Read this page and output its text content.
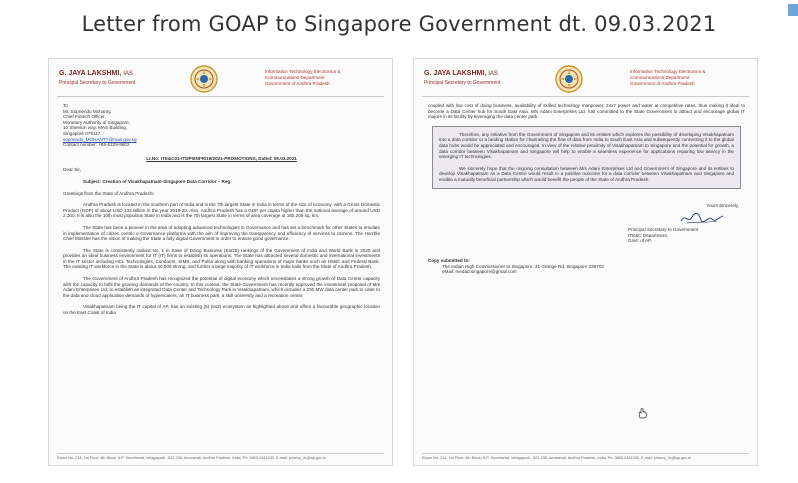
Letter from GOAP to Singapore Government dt. 09.03.2021
G. JAYA LAKSHMI, IAS
Principal Secretary to Government
Information Technology Electronics &
Communications Department
Government of Andhra Pradesh
To
Mr. Sopnendu Mohanty,
Chief Fintech Officer,
Monetary Authority of Singapore,
10 Shenton way, MAS Building,
Singapore 079117.
sopnendu_MOHANTY@mas.gov.sg
Contact number: +65-6229-9602
Lr.No: ITE&C01-ITDP0INFR/19/2021-PROMOTIONS, Dated: 09.03.2021
Dear Sir,
Subject: Creation of Visakhapatnam-Singapore Data Corridor – Reg.
Greetings from the State of Andhra Pradesh!

Andhra Pradesh is located in the southern part of India and is the 7th largest State in India in terms of the size of economy, with a Gross Domestic Product (GDP) of about USD 133 Billion in the year 2019-20. Also, Andhra Pradesh has a GDP per capita higher than the national average of around USD 2,300. It is also the 10th most populous State in India and is the 7th largest State in terms of area coverage at 160,205 sq. km.

The State has been a pioneer in the area of adopting advanced technologies in Governance and has set a benchmark for other States to emulate in implementation of citizen centric e-Governance platforms with the aim of improving the transparency and efficiency of services to citizens. The Hon'ble Chief Minister has the vision of making the State a fully digital Government in order to ensure good governance.

The State is consistently ranked No. 1 in Ease of Doing Business (EoDB) rankings of the Government of India and World Bank in 2020 and provides an ideal business environment for IT (IT) firms to establish its operations. The State has attracted several domestic and international investments in the IT sector including HCL Technologies, Conduent, SIMS, and Pulsa along with banking operations of major banks such as HSBC and Federal Bank. The existing IT workforce in the State is about 40,000 strong, and further a large majority of IT workforce in India hails from the State of Andhra Pradesh.

The Government of Andhra Pradesh has recognized the potential of digital economy which necessitates a strong growth of Data Center capacity with the capacity to fulfil the growing demands of the country. In this context, the State Government has recently approved the investment proposal of M/s Adani Enterprises Ltd. to establish an integrated Data Center and Technology Park in Visakhapatnam, which includes a 200 MW data center park to cater to the data and cloud application demands of hyperscalers, an IT business park, a skill university and a recreation center.

Visakhapatnam being the IT capital of AP, has an existing (5) (5x3) ecosystem as highlighted above and offers a favourable geographic location on the East Coast of India

Room No. 214, 1st Floor, 4th Block, A.P. Secretariat, Velagapudi - 522 238, Amaravati, Andhra Pradesh, India. Ph: 0863-2441030, E-mail: prlsecy_itc@ap.gov.in
G. JAYA LAKSHMI, IAS
Principal Secretary to Government
Information Technology Electronics &
Communications Department
Government of Andhra Pradesh

coupled with low cost of doing business, availability of skilled technology manpower, 24x7 power and water at competitive rates, thus making it ideal to become a Data Center hub for South East Asia. M/s Adani Enterprises Ltd. has committed to the State Government to attract and encourage global IT majors in its facility by leveraging the data center park.

Therefore, any initiative from the Government of Singapore and its entities which explores the possibility of developing Visakhapatnam into a data corridor or a landing station for channeling the flow of data from India to South East Asia and subsequently connecting it to the global data hubs would be appreciated and encouraged. In view of the relative proximity of Visakhapatnam to Singapore and the potential for growth, a data corridor between Visakhapatnam and Singapore will help to enable a seamless experience for applications requiring low latency in the emerging IT technologies.

We sincerely hope that the ongoing consultation between M/s Adani Enterprises Ltd and Government of Singapore and its entities to develop Visakhapatnam as a Data Centre would result in a positive outcome for a data corridor between Visakhapatnam and Singapore and enable a mutually beneficial partnership which would benefit the people of the State of Andhra Pradesh.

Yours Sincerely,
Principal Secretary to Government
ITE&C Department,
Govt. of AP.
Copy submitted to:
The Indian High Commissioner to Singapore, 31 Grange Rd, Singapore 239702
eMail: medad.singapore@gmail.com
Room No. 214, 1st Floor, 4th Block, A.P. Secretariat, Velagapudi - 522 238, Amaravati, Andhra Pradesh, India. Ph: 0863-2441030, E-mail: prlsecy_itc@ap.gov.in
